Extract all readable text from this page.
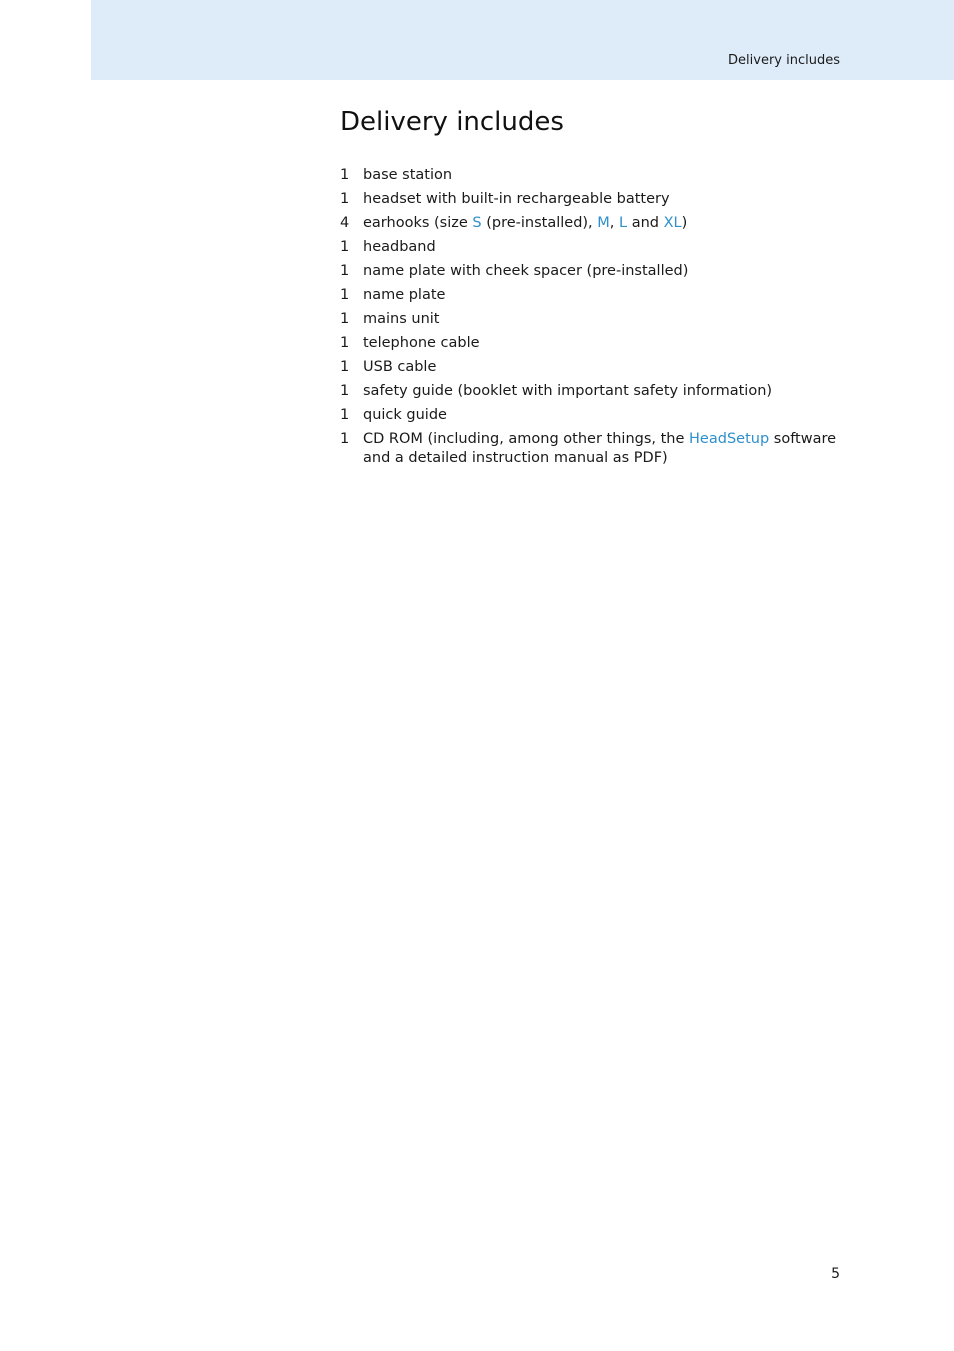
Delivery includes
Delivery includes
1 base station
1 headset with built-in rechargeable battery
4 earhooks (size S (pre-installed), M, L and XL)
1 headband
1 name plate with cheek spacer (pre-installed)
1 name plate
1 mains unit
1 telephone cable
1 USB cable
1 safety guide (booklet with important safety information)
1 quick guide
1 CD ROM (including, among other things, the HeadSetup software and a detailed instruction manual as PDF)
5
